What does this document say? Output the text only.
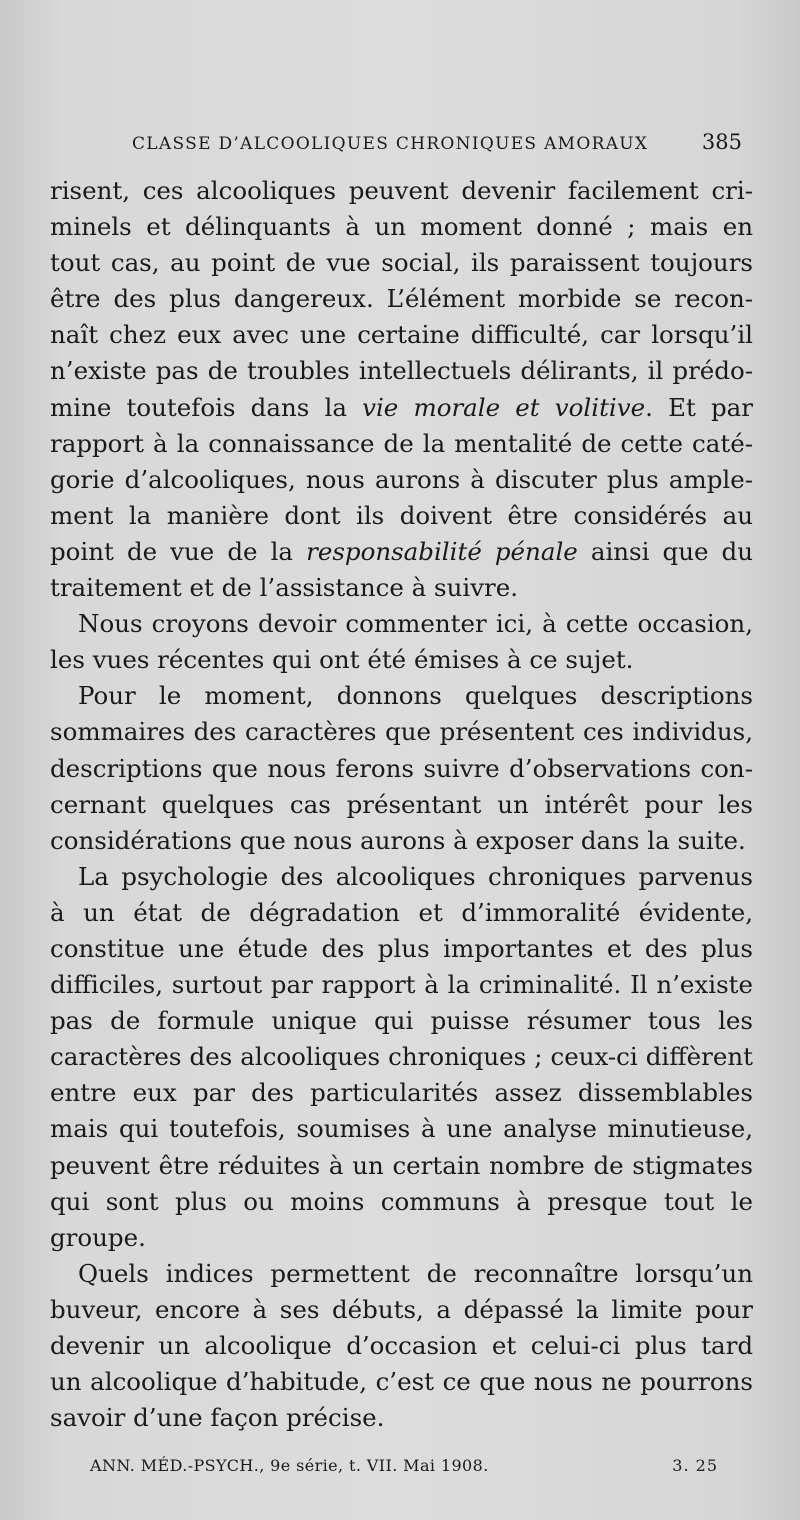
CLASSE D’ALCOOLIQUES CHRONIQUES AMORAUX	385
risent, ces alcooliques peuvent devenir facilement cri-
minels et délinquants à un moment donné ; mais en
tout cas, au point de vue social, ils paraissent toujours
être des plus dangereux. L’élément morbide se recon-
naît chez eux avec une certaine difficulté, car lorsqu’il
n’existe pas de troubles intellectuels délirants, il prédo-
mine toutefois dans la vie morale et volitive. Et par
rapport à la connaissance de la mentalité de cette caté-
gorie d’alcooliques, nous aurons à discuter plus ample-
ment la manière dont ils doivent être considérés au
point de vue de la responsabilité pénale ainsi que du
traitement et de l’assistance à suivre.
Nous croyons devoir commenter ici, à cette occasion,
les vues récentes qui ont été émises à ce sujet.
Pour le moment, donnons quelques descriptions
sommaires des caractères que présentent ces individus,
descriptions que nous ferons suivre d’observations con-
cernant quelques cas présentant un intérêt pour les
considérations que nous aurons à exposer dans la suite.
La psychologie des alcooliques chroniques parvenus
à un état de dégradation et d’immoralité évidente,
constitue une étude des plus importantes et des plus
difficiles, surtout par rapport à la criminalité. Il n’existe
pas de formule unique qui puisse résumer tous les
caractères des alcooliques chroniques ; ceux-ci diffèrent
entre eux par des particularités assez dissemblables
mais qui toutefois, soumises à une analyse minutieuse,
peuvent être réduites à un certain nombre de stigmates
qui sont plus ou moins communs à presque tout le
groupe.
Quels indices permettent de reconnaître lorsqu’un
buveur, encore à ses débuts, a dépassé la limite pour
devenir un alcoolique d’occasion et celui-ci plus tard
un alcoolique d’habitude, c’est ce que nous ne pourrons
savoir d’une façon précise.
ANN. MÉD.-PSYCH., 9e série, t. VII. Mai 1908.	3. 25
